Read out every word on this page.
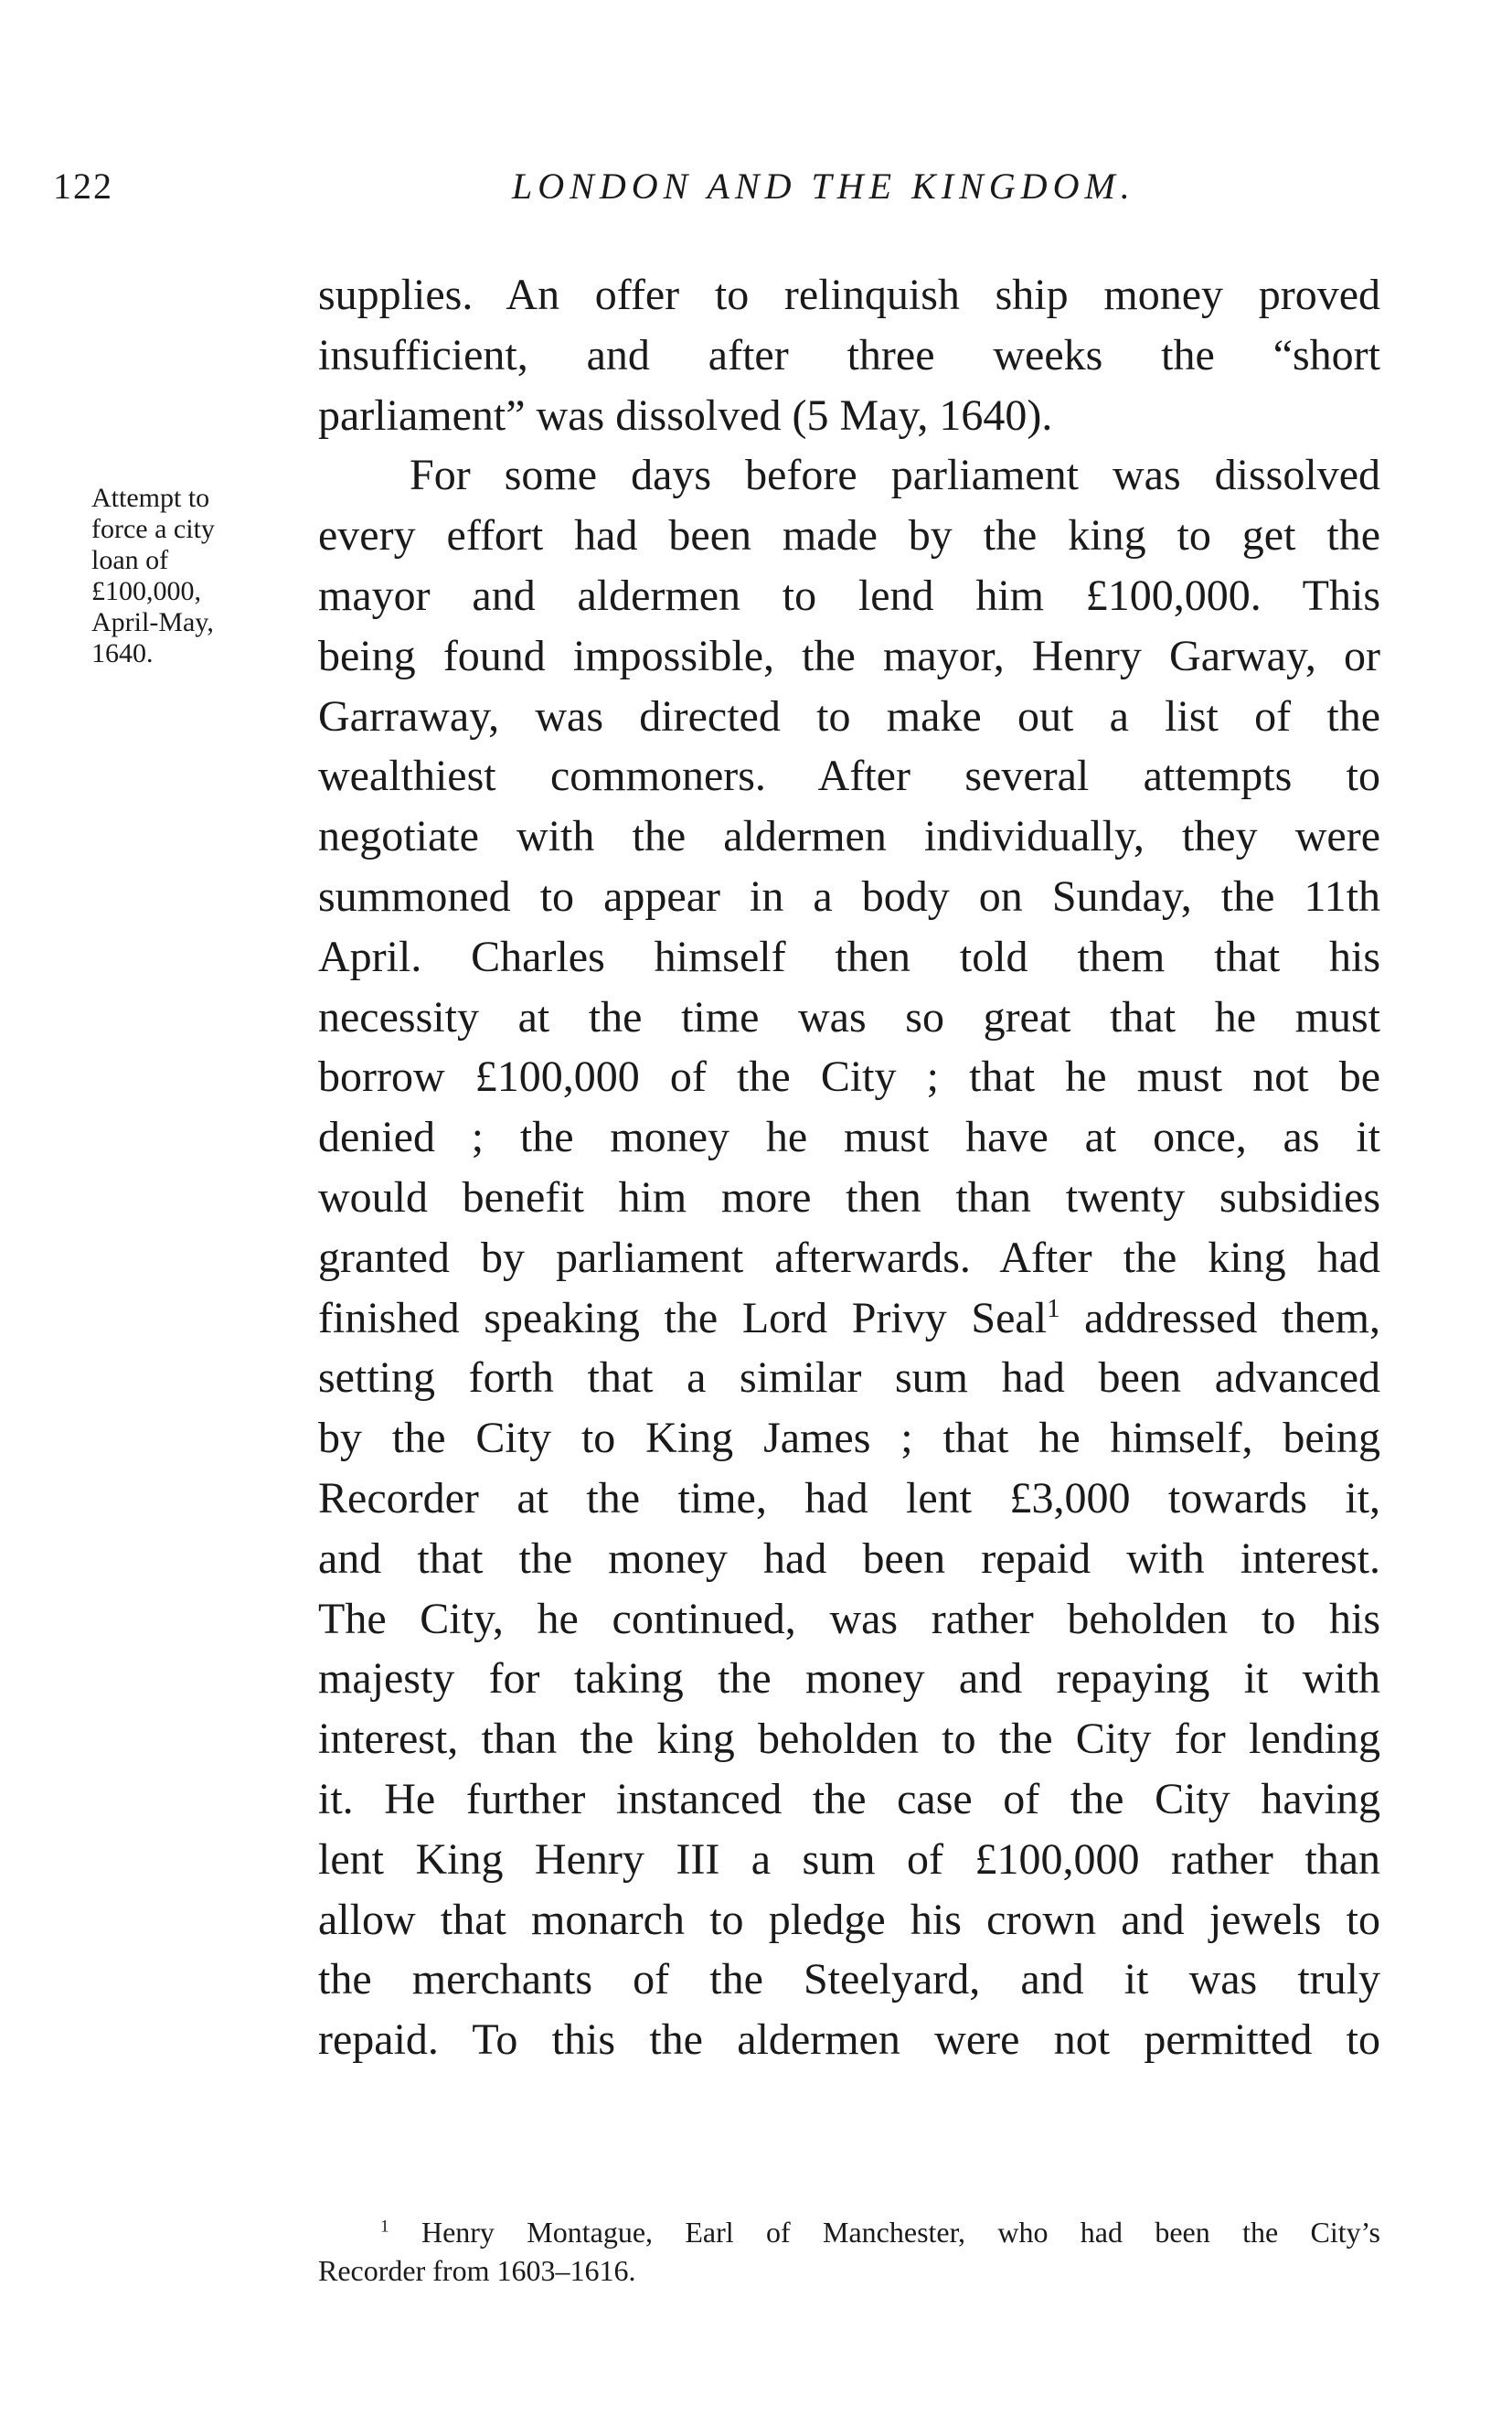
122	LONDON AND THE KINGDOM.
Attempt to
force a city
loan of
£100,000,
April-May,
1640.
supplies. An offer to relinquish ship money proved
insufficient, and after three weeks the “short
parliament” was dissolved (5 May, 1640).
For some days before parliament was dissolved
every effort had been made by the king to get the
mayor and aldermen to lend him £100,000. This
being found impossible, the mayor, Henry Garway, or
Garraway, was directed to make out a list of the
wealthiest commoners. After several attempts to
negotiate with the aldermen individually, they were
summoned to appear in a body on Sunday, the 11th
April. Charles himself then told them that his
necessity at the time was so great that he must
borrow £100,000 of the City ; that he must not be
denied ; the money he must have at once, as it
would benefit him more then than twenty subsidies
granted by parliament afterwards. After the king had
finished speaking the Lord Privy Seal$^1$ addressed them,
setting forth that a similar sum had been advanced
by the City to King James ; that he himself, being
Recorder at the time, had lent £3,000 towards it,
and that the money had been repaid with interest.
The City, he continued, was rather beholden to his
majesty for taking the money and repaying it with
interest, than the king beholden to the City for lending
it. He further instanced the case of the City having
lent King Henry III a sum of £100,000 rather than
allow that monarch to pledge his crown and jewels to
the merchants of the Steelyard, and it was truly
repaid. To this the aldermen were not permitted to
$^1$ Henry Montague, Earl of Manchester, who had been the City’s
Recorder from 1603–1616.
